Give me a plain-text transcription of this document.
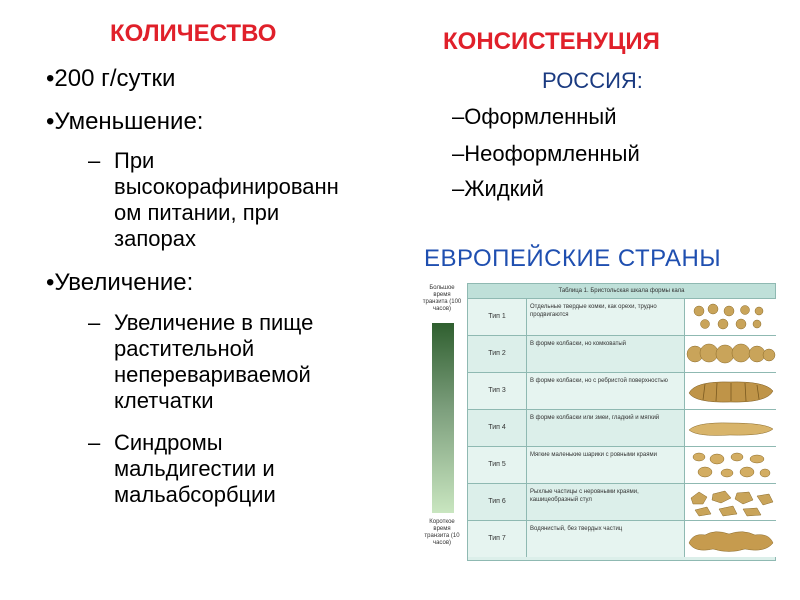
КОЛИЧЕСТВО
•200 г/сутки
•Уменьшение:
– При
высокорафинированн
ом питании, при
запорах
•Увеличение:
– Увеличение в пище
растительной
неперевариваемой
клетчатки
– Синдромы
мальдигестии и
мальабсорбции
КОНСИСТЕНУЦИЯ
РОССИЯ:
–Оформленный
–Неоформленный
–Жидкий
ЕВРОПЕЙСКИЕ СТРАНЫ
Большое время транзита (100 часов)
Короткое время транзита (10 часов)
Таблица 1. Бристольская шкала формы кала
Тип 1
Отдельные твердые комки, как орехи, трудно продвигаются
Тип 2
В форме колбаски, но комковатый
Тип 3
В форме колбаски, но с ребристой поверхностью
Тип 4
В форме колбаски или змеи, гладкий и мягкий
Тип 5
Мягкие маленькие шарики с ровными краями
Тип 6
Рыхлые частицы с неровными краями, кашицеобразный стул
Тип 7
Водянистый, без твердых частиц
